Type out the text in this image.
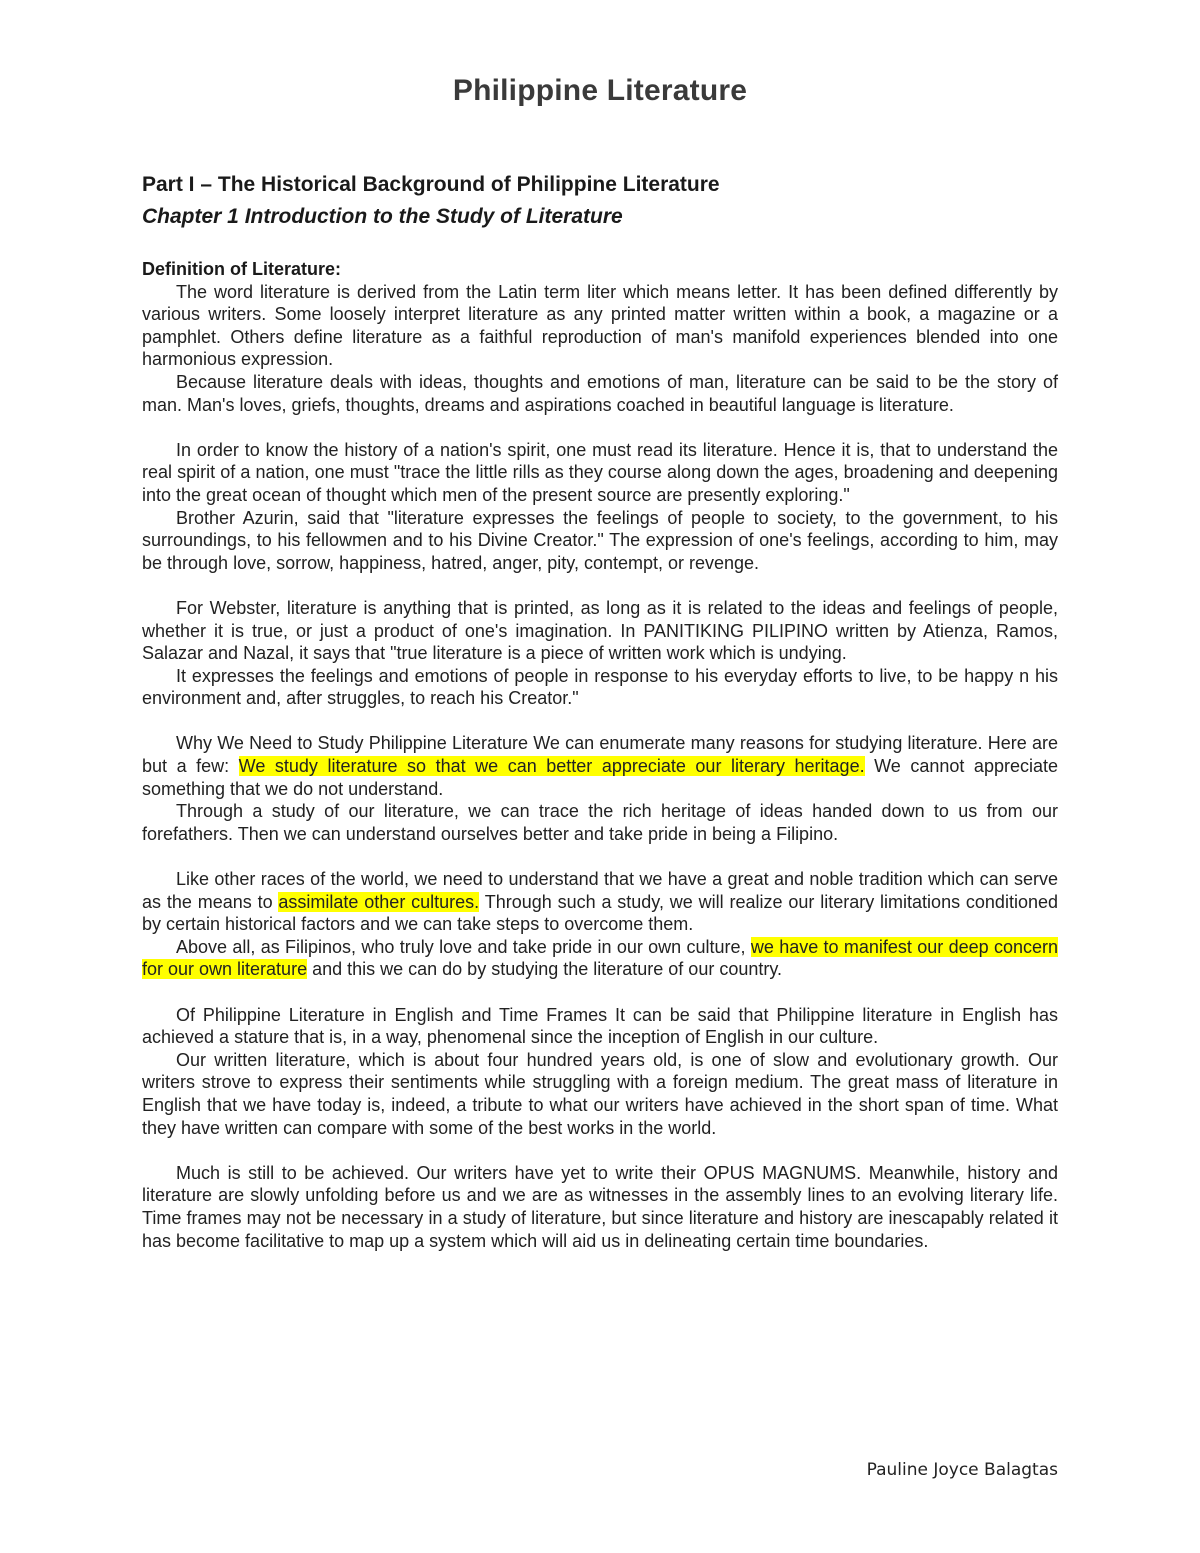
Philippine Literature
Part I – The Historical Background of Philippine Literature
Chapter 1 Introduction to the Study of Literature
Definition of Literature:

The word literature is derived from the Latin term liter which means letter. It has been defined differently by various writers. Some loosely interpret literature as any printed matter written within a book, a magazine or a pamphlet. Others define literature as a faithful reproduction of man's manifold experiences blended into one harmonious expression.

Because literature deals with ideas, thoughts and emotions of man, literature can be said to be the story of man. Man's loves, griefs, thoughts, dreams and aspirations coached in beautiful language is literature.

In order to know the history of a nation's spirit, one must read its literature. Hence it is, that to understand the real spirit of a nation, one must "trace the little rills as they course along down the ages, broadening and deepening into the great ocean of thought which men of the present source are presently exploring."

Brother Azurin, said that "literature expresses the feelings of people to society, to the government, to his surroundings, to his fellowmen and to his Divine Creator." The expression of one's feelings, according to him, may be through love, sorrow, happiness, hatred, anger, pity, contempt, or revenge.

For Webster, literature is anything that is printed, as long as it is related to the ideas and feelings of people, whether it is true, or just a product of one's imagination. In PANITIKING PILIPINO written by Atienza, Ramos, Salazar and Nazal, it says that "true literature is a piece of written work which is undying.

It expresses the feelings and emotions of people in response to his everyday efforts to live, to be happy n his environment and, after struggles, to reach his Creator."

Why We Need to Study Philippine Literature We can enumerate many reasons for studying literature. Here are but a few: We study literature so that we can better appreciate our literary heritage. We cannot appreciate something that we do not understand.

Through a study of our literature, we can trace the rich heritage of ideas handed down to us from our forefathers. Then we can understand ourselves better and take pride in being a Filipino.

Like other races of the world, we need to understand that we have a great and noble tradition which can serve as the means to assimilate other cultures. Through such a study, we will realize our literary limitations conditioned by certain historical factors and we can take steps to overcome them.

Above all, as Filipinos, who truly love and take pride in our own culture, we have to manifest our deep concern for our own literature and this we can do by studying the literature of our country.

Of Philippine Literature in English and Time Frames It can be said that Philippine literature in English has achieved a stature that is, in a way, phenomenal since the inception of English in our culture.

Our written literature, which is about four hundred years old, is one of slow and evolutionary growth. Our writers strove to express their sentiments while struggling with a foreign medium. The great mass of literature in English that we have today is, indeed, a tribute to what our writers have achieved in the short span of time. What they have written can compare with some of the best works in the world.

Much is still to be achieved. Our writers have yet to write their OPUS MAGNUMS. Meanwhile, history and literature are slowly unfolding before us and we are as witnesses in the assembly lines to an evolving literary life. Time frames may not be necessary in a study of literature, but since literature and history are inescapably related it has become facilitative to map up a system which will aid us in delineating certain time boundaries.

Pauline Joyce Balagtas
